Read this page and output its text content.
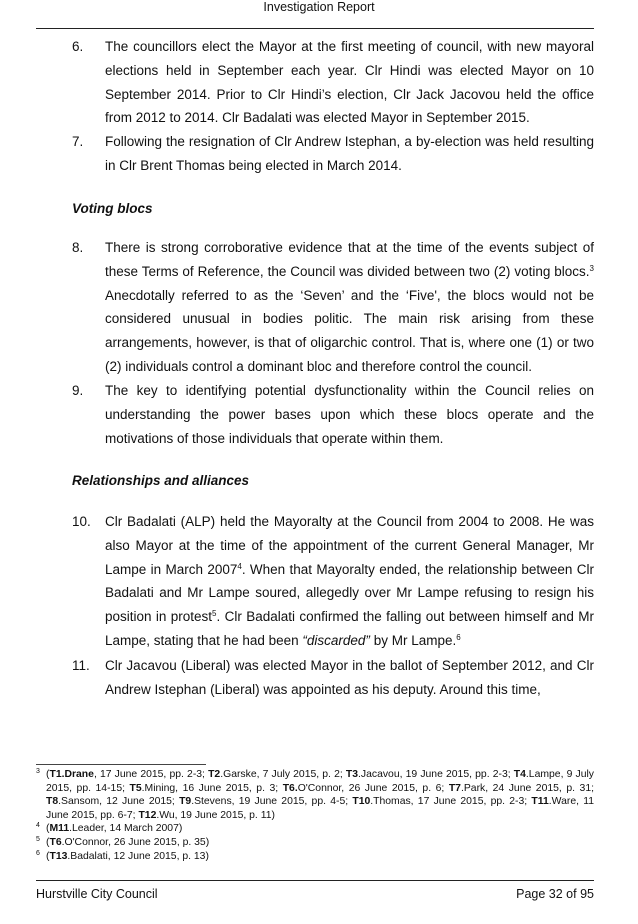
Investigation Report

6. The councillors elect the Mayor at the first meeting of council, with new mayoral elections held in September each year. Clr Hindi was elected Mayor on 10 September 2014. Prior to Clr Hindi’s election, Clr Jack Jacovou held the office from 2012 to 2014. Clr Badalati was elected Mayor in September 2015.

7. Following the resignation of Clr Andrew Istephan, a by-election was held resulting in Clr Brent Thomas being elected in March 2014.

Voting blocs

8. There is strong corroborative evidence that at the time of the events subject of these Terms of Reference, the Council was divided between two (2) voting blocs.$^3$ Anecdotally referred to as the ‘Seven’ and the ‘Five', the blocs would not be considered unusual in bodies politic. The main risk arising from these arrangements, however, is that of oligarchic control. That is, where one (1) or two (2) individuals control a dominant bloc and therefore control the council.

9. The key to identifying potential dysfunctionality within the Council relies on understanding the power bases upon which these blocs operate and the motivations of those individuals that operate within them.

Relationships and alliances

10. Clr Badalati (ALP) held the Mayoralty at the Council from 2004 to 2008. He was also Mayor at the time of the appointment of the current General Manager, Mr Lampe in March 2007$^4$. When that Mayoralty ended, the relationship between Clr Badalati and Mr Lampe soured, allegedly over Mr Lampe refusing to resign his position in protest$^5$. Clr Badalati confirmed the falling out between himself and Mr Lampe, stating that he had been “discarded” by Mr Lampe.$^6$

11. Clr Jacavou (Liberal) was elected Mayor in the ballot of September 2012, and Clr Andrew Istephan (Liberal) was appointed as his deputy. Around this time,

3 (T1.Drane, 17 June 2015, pp. 2-3; T2.Garske, 7 July 2015, p. 2; T3.Jacavou, 19 June 2015, pp. 2-3; T4.Lampe, 9 July 2015, pp. 14-15; T5.Mining, 16 June 2015, p. 3; T6.O'Connor, 26 June 2015, p. 6; T7.Park, 24 June 2015, p. 31; T8.Sansom, 12 June 2015; T9.Stevens, 19 June 2015, pp. 4-5; T10.Thomas, 17 June 2015, pp. 2-3; T11.Ware, 11 June 2015, pp. 6-7; T12.Wu, 19 June 2015, p. 11)

4 (M11.Leader, 14 March 2007)

5 (T6.O'Connor, 26 June 2015, p. 35)

6 (T13.Badalati, 12 June 2015, p. 13)

Hurstville City Council	Page 32 of 95
